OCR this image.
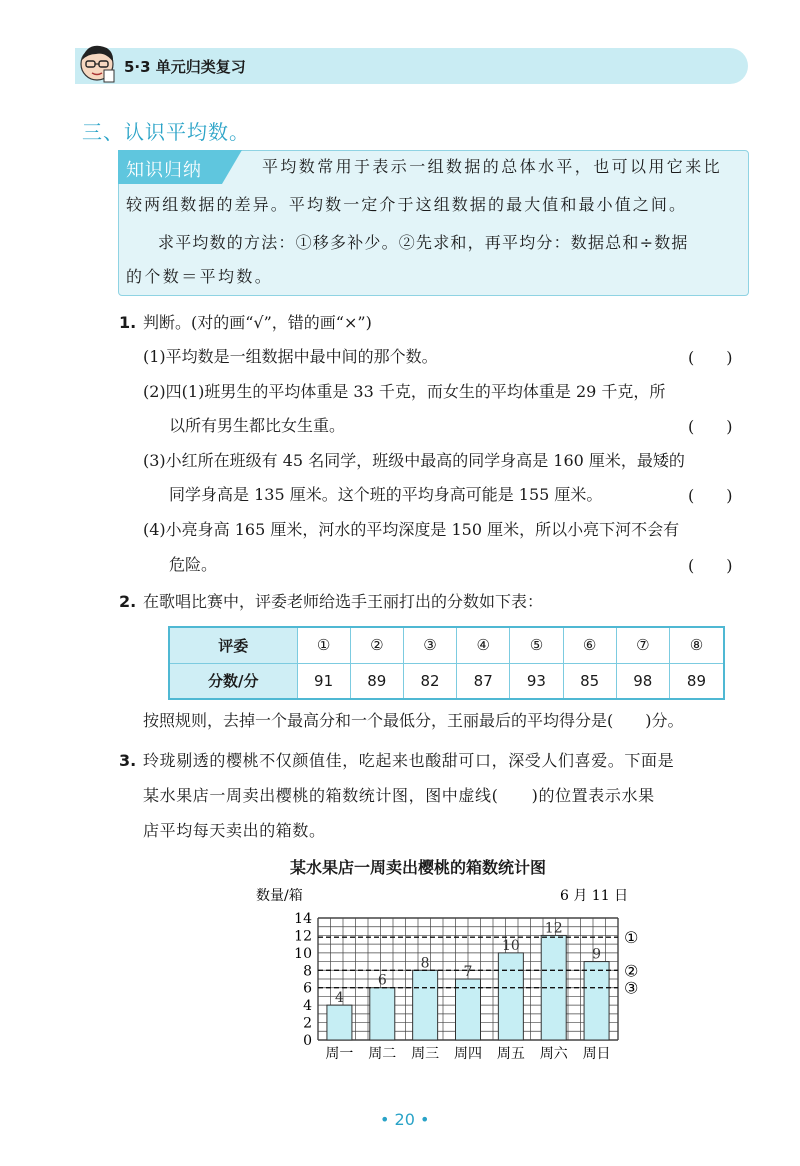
5·3 单元归类复习
三、认识平均数。
知识归纳	平均数常用于表示一组数据的总体水平，也可以用它来比
较两组数据的差异。平均数一定介于这组数据的最大值和最小值之间。
求平均数的方法：①移多补少。②先求和，再平均分：数据总和÷数据
的个数＝平均数。
1. 判断。(对的画“√”，错的画“×”)
(1)平均数是一组数据中最中间的那个数。	(　　)
(2)四(1)班男生的平均体重是 33 千克，而女生的平均体重是 29 千克，所
以所有男生都比女生重。	(　　)
(3)小红所在班级有 45 名同学，班级中最高的同学身高是 160 厘米，最矮的
同学身高是 135 厘米。这个班的平均身高可能是 155 厘米。	(　　)
(4)小亮身高 165 厘米，河水的平均深度是 150 厘米，所以小亮下河不会有
危险。	(　　)
2. 在歌唱比赛中，评委老师给选手王丽打出的分数如下表：
评委	①	②	③	④	⑤	⑥	⑦	⑧
分数/分	91	89	82	87	93	85	98	89
按照规则，去掉一个最高分和一个最低分，王丽最后的平均得分是(　　)分。
3. 玲珑剔透的樱桃不仅颜值佳，吃起来也酸甜可口，深受人们喜爱。下面是
某水果店一周卖出樱桃的箱数统计图，图中虚线(　　)的位置表示水果
店平均每天卖出的箱数。
某水果店一周卖出樱桃的箱数统计图
数量/箱	6 月 11 日
0
2
4
6
8
10
12
14
4
周一
6
周二
8
周三
7
周四
10
周五
12
周六
9
周日
①
②
③
• 20 •
